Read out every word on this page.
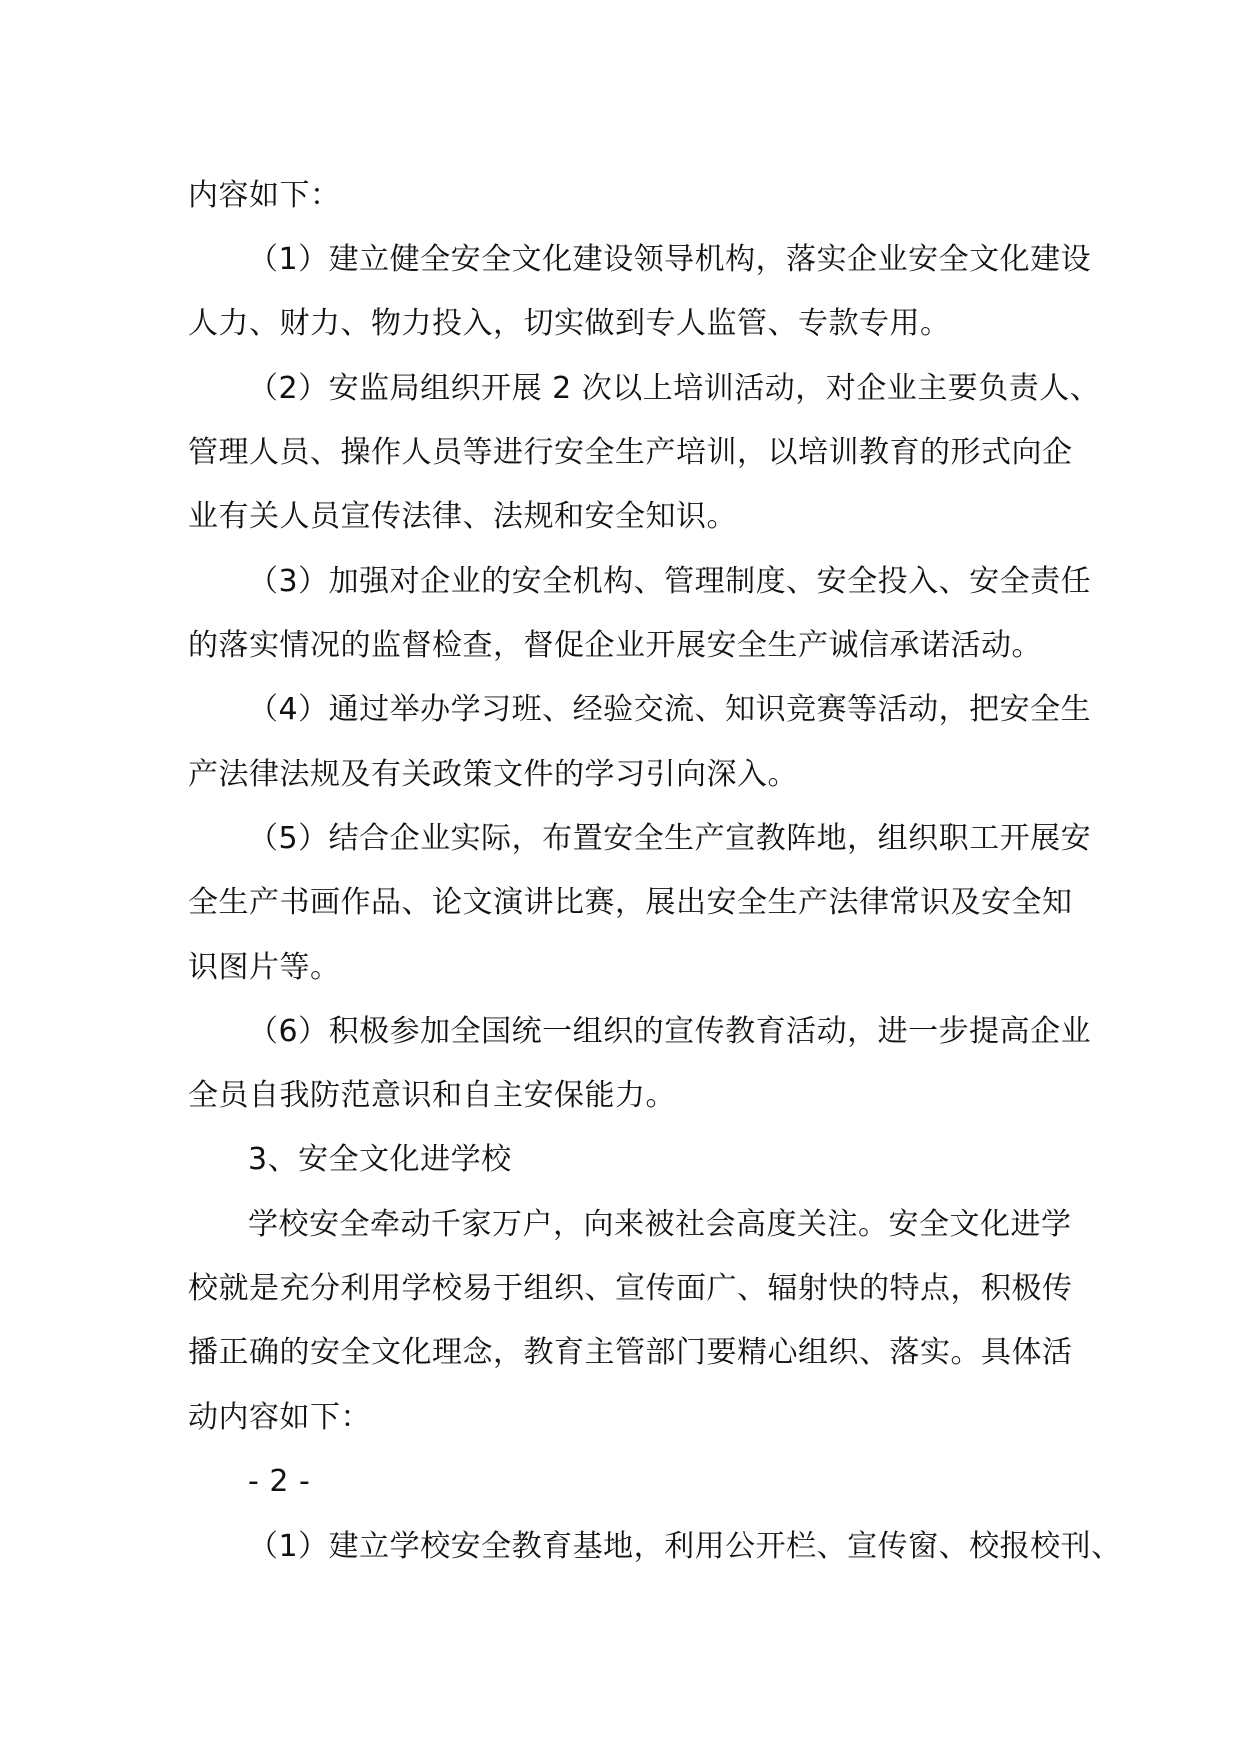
内容如下：
（1）建立健全安全文化建设领导机构，落实企业安全文化建设
人力、财力、物力投入，切实做到专人监管、专款专用。
（2）安监局组织开展 2 次以上培训活动，对企业主要负责人、
管理人员、操作人员等进行安全生产培训，以培训教育的形式向企
业有关人员宣传法律、法规和安全知识。
（3）加强对企业的安全机构、管理制度、安全投入、安全责任
的落实情况的监督检查，督促企业开展安全生产诚信承诺活动。
（4）通过举办学习班、经验交流、知识竞赛等活动，把安全生
产法律法规及有关政策文件的学习引向深入。
（5）结合企业实际，布置安全生产宣教阵地，组织职工开展安
全生产书画作品、论文演讲比赛，展出安全生产法律常识及安全知
识图片等。
（6）积极参加全国统一组织的宣传教育活动，进一步提高企业
全员自我防范意识和自主安保能力。
3、安全文化进学校
学校安全牵动千家万户，向来被社会高度关注。安全文化进学
校就是充分利用学校易于组织、宣传面广、辐射快的特点，积极传
播正确的安全文化理念，教育主管部门要精心组织、落实。具体活
动内容如下：
- 2 -
（1）建立学校安全教育基地，利用公开栏、宣传窗、校报校刊、
